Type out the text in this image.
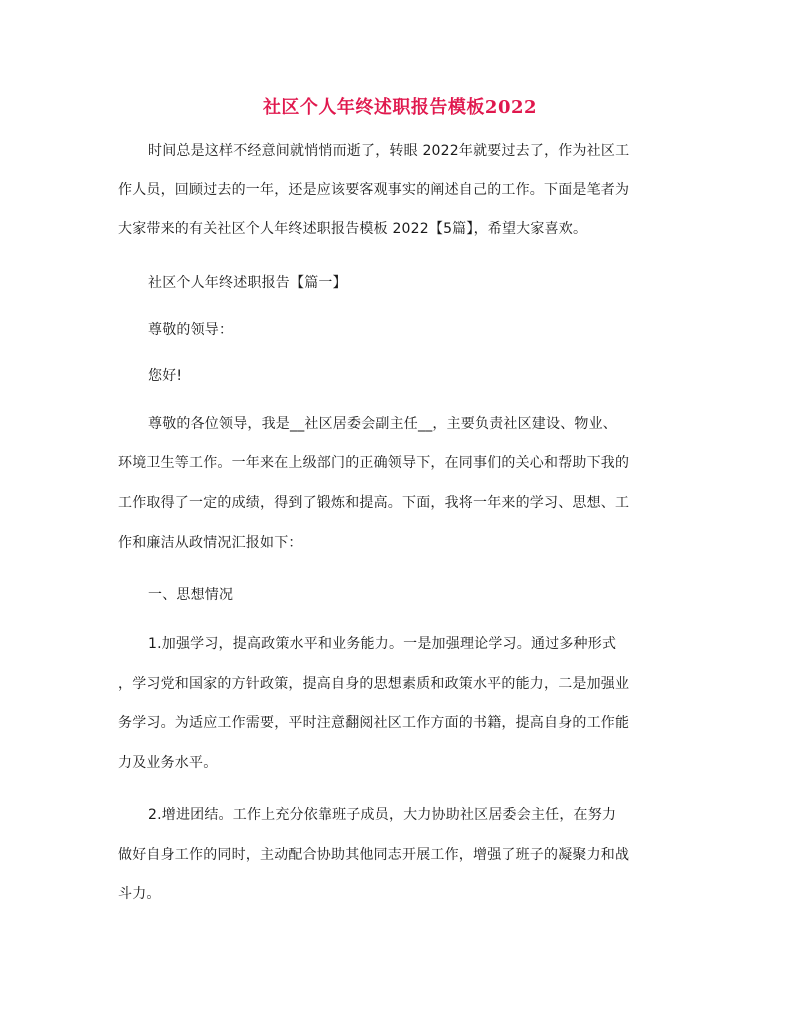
社区个人年终述职报告模板2022
时间总是这样不经意间就悄悄而逝了，转眼 2022年就要过去了，作为社区工
作人员，回顾过去的一年，还是应该要客观事实的阐述自己的工作。下面是笔者为
大家带来的有关社区个人年终述职报告模板 2022【5篇】，希望大家喜欢。
社区个人年终述职报告【篇一】
尊敬的领导：
您好!
尊敬的各位领导，我是__社区居委会副主任__，主要负责社区建设、物业、
环境卫生等工作。一年来在上级部门的正确领导下，在同事们的关心和帮助下我的
工作取得了一定的成绩，得到了锻炼和提高。下面，我将一年来的学习、思想、工
作和廉洁从政情况汇报如下：
一、思想情况
1.加强学习，提高政策水平和业务能力。一是加强理论学习。通过多种形式
，学习党和国家的方针政策，提高自身的思想素质和政策水平的能力，二是加强业
务学习。为适应工作需要，平时注意翻阅社区工作方面的书籍，提高自身的工作能
力及业务水平。
2.增进团结。工作上充分依靠班子成员，大力协助社区居委会主任，在努力
做好自身工作的同时，主动配合协助其他同志开展工作，增强了班子的凝聚力和战
斗力。
